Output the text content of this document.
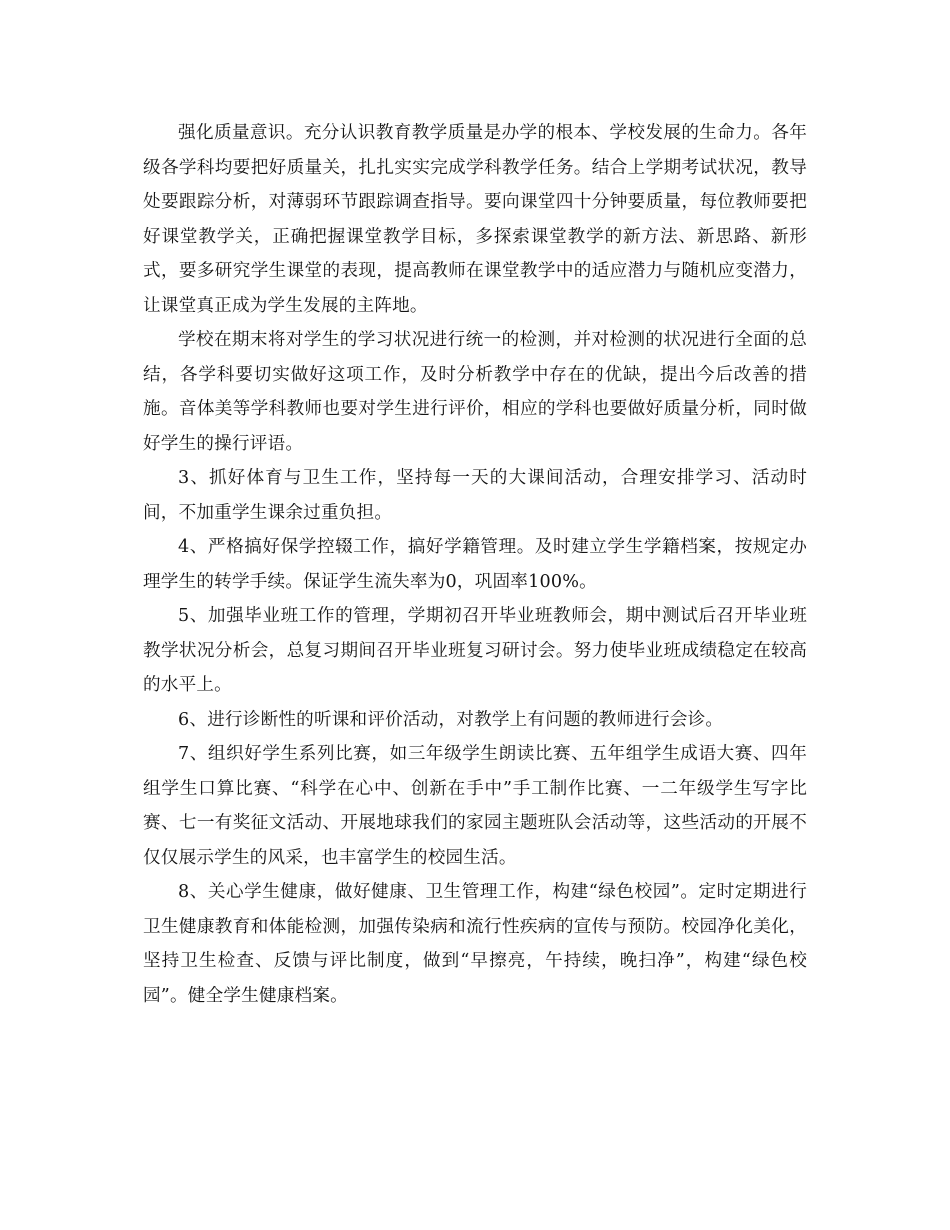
强化质量意识。充分认识教育教学质量是办学的根本、学校发展的生命力。各年级各学科均要把好质量关，扎扎实实完成学科教学任务。结合上学期考试状况，教导处要跟踪分析，对薄弱环节跟踪调查指导。要向课堂四十分钟要质量，每位教师要把好课堂教学关，正确把握课堂教学目标，多探索课堂教学的新方法、新思路、新形式，要多研究学生课堂的表现，提高教师在课堂教学中的适应潜力与随机应变潜力，让课堂真正成为学生发展的主阵地。

学校在期末将对学生的学习状况进行统一的检测，并对检测的状况进行全面的总结，各学科要切实做好这项工作，及时分析教学中存在的优缺，提出今后改善的措施。音体美等学科教师也要对学生进行评价，相应的学科也要做好质量分析，同时做好学生的操行评语。

3、抓好体育与卫生工作，坚持每一天的大课间活动，合理安排学习、活动时间，不加重学生课余过重负担。

4、严格搞好保学控辍工作，搞好学籍管理。及时建立学生学籍档案，按规定办理学生的转学手续。保证学生流失率为0，巩固率100%。

5、加强毕业班工作的管理，学期初召开毕业班教师会，期中测试后召开毕业班教学状况分析会，总复习期间召开毕业班复习研讨会。努力使毕业班成绩稳定在较高的水平上。

6、进行诊断性的听课和评价活动，对教学上有问题的教师进行会诊。

7、组织好学生系列比赛，如三年级学生朗读比赛、五年组学生成语大赛、四年组学生口算比赛、“科学在心中、创新在手中”手工制作比赛、一二年级学生写字比赛、七一有奖征文活动、开展地球我们的家园主题班队会活动等，这些活动的开展不仅仅展示学生的风采，也丰富学生的校园生活。

8、关心学生健康，做好健康、卫生管理工作，构建“绿色校园”。定时定期进行卫生健康教育和体能检测，加强传染病和流行性疾病的宣传与预防。校园净化美化，坚持卫生检查、反馈与评比制度，做到“早擦亮，午持续，晚扫净”，构建“绿色校园”。健全学生健康档案。
